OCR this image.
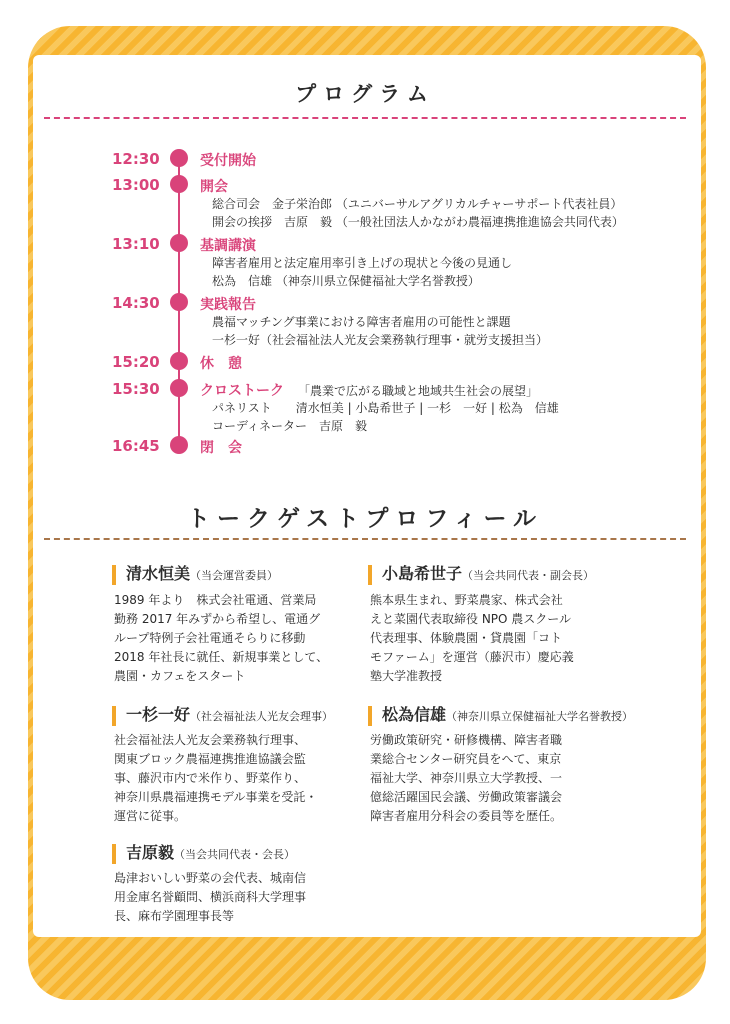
プログラム
12:30	受付開始
13:00	開会
総合司会　金子栄治郎 （ユニバーサルアグリカルチャーサポート代表社員）
開会の挨拶　吉原　毅 （一般社団法人かながわ農福連携推進協会共同代表）
13:10	基調講演
障害者雇用と法定雇用率引き上げの現状と今後の見通し
松為　信雄 （神奈川県立保健福祉大学名誉教授）
14:30	実践報告
農福マッチング事業における障害者雇用の可能性と課題
一杉一好（社会福祉法人光友会業務執行理事・就労支援担当）
15:20	休　憩
15:30	クロストーク 「農業で広がる職域と地域共生社会の展望」
パネリスト　　清水恒美 | 小島希世子 | 一杉　一好 | 松為　信雄
コーディネーター　吉原　毅
16:45	閉　会
トークゲストプロフィール
清水恒美（当会運営委員）
1989 年より　株式会社電通、営業局
勤務 2017 年みずから希望し、電通グ
ループ特例子会社電通そらりに移動
2018 年社長に就任、新規事業として、
農園・カフェをスタート
小島希世子（当会共同代表・副会長）
熊本県生まれ、野菜農家、株式会社
えと菜園代表取締役 NPO 農スクール
代表理事、体験農園・貸農園「コト
モファーム」を運営（藤沢市）慶応義
塾大学准教授
一杉一好（社会福祉法人光友会理事）
社会福祉法人光友会業務執行理事、
関東ブロック農福連携推進協議会監
事、藤沢市内で米作り、野菜作り、
神奈川県農福連携モデル事業を受託・
運営に従事。
松為信雄（神奈川県立保健福祉大学名誉教授）
労働政策研究・研修機構、障害者職
業総合センター研究員をへて、東京
福祉大学、神奈川県立大学教授、一
億総活躍国民会議、労働政策審議会
障害者雇用分科会の委員等を歴任。
吉原毅（当会共同代表・会長）
島津おいしい野菜の会代表、城南信
用金庫名誉顧問、横浜商科大学理事
長、麻布学園理事長等
